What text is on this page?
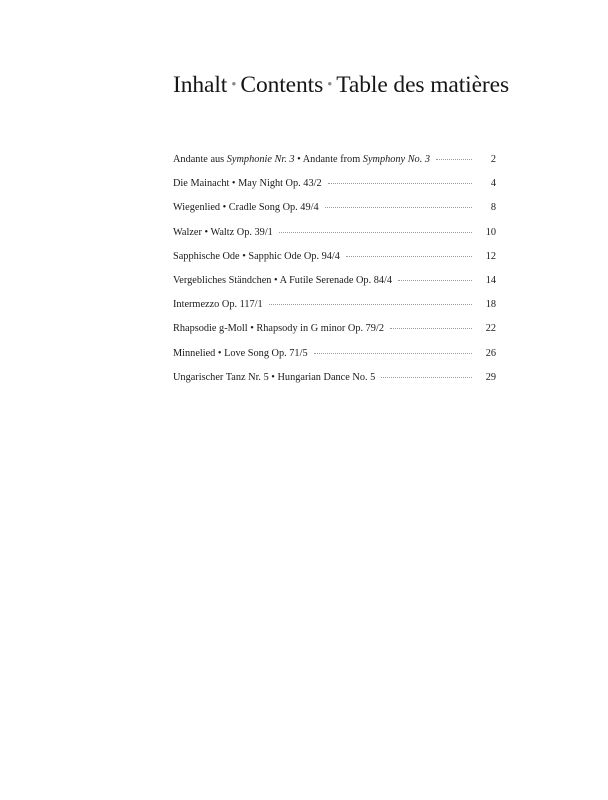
Inhalt • Contents • Table des matières
Andante aus Symphonie Nr. 3 • Andante from Symphony No. 3	2
Die Mainacht • May Night Op. 43/2	4
Wiegenlied • Cradle Song Op. 49/4	8
Walzer • Waltz Op. 39/1	10
Sapphische Ode • Sapphic Ode Op. 94/4	12
Vergebliches Ständchen • A Futile Serenade Op. 84/4	14
Intermezzo Op. 117/1	18
Rhapsodie g-Moll • Rhapsody in G minor Op. 79/2	22
Minnelied • Love Song Op. 71/5	26
Ungarischer Tanz Nr. 5 • Hungarian Dance No. 5	29
